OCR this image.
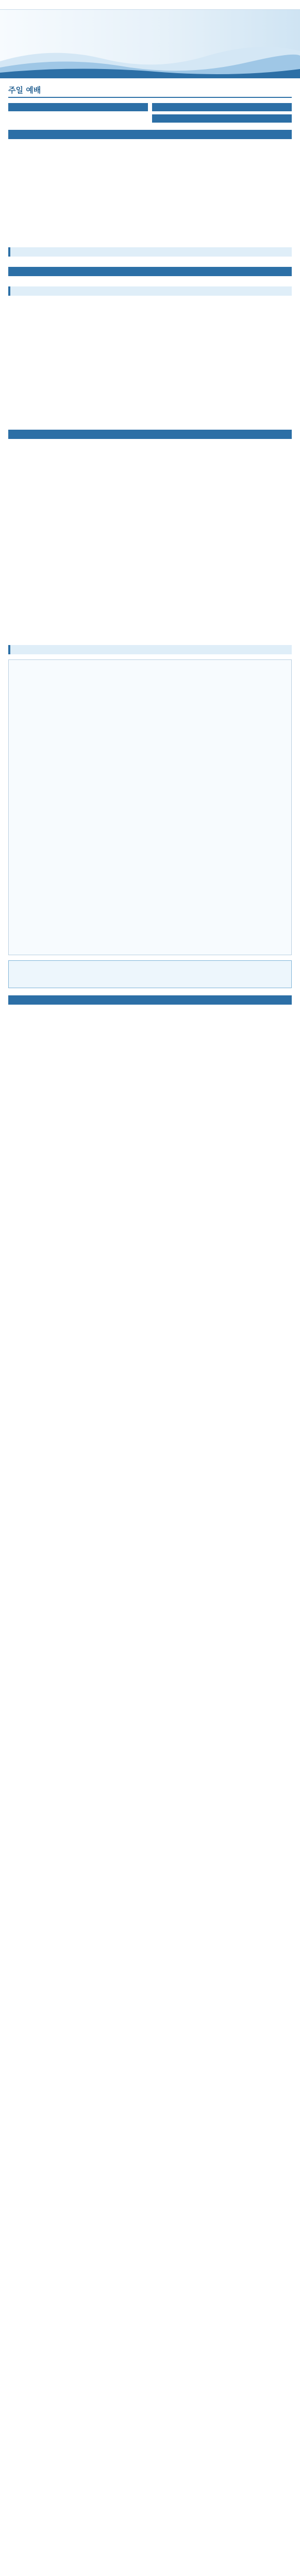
주일 예배
